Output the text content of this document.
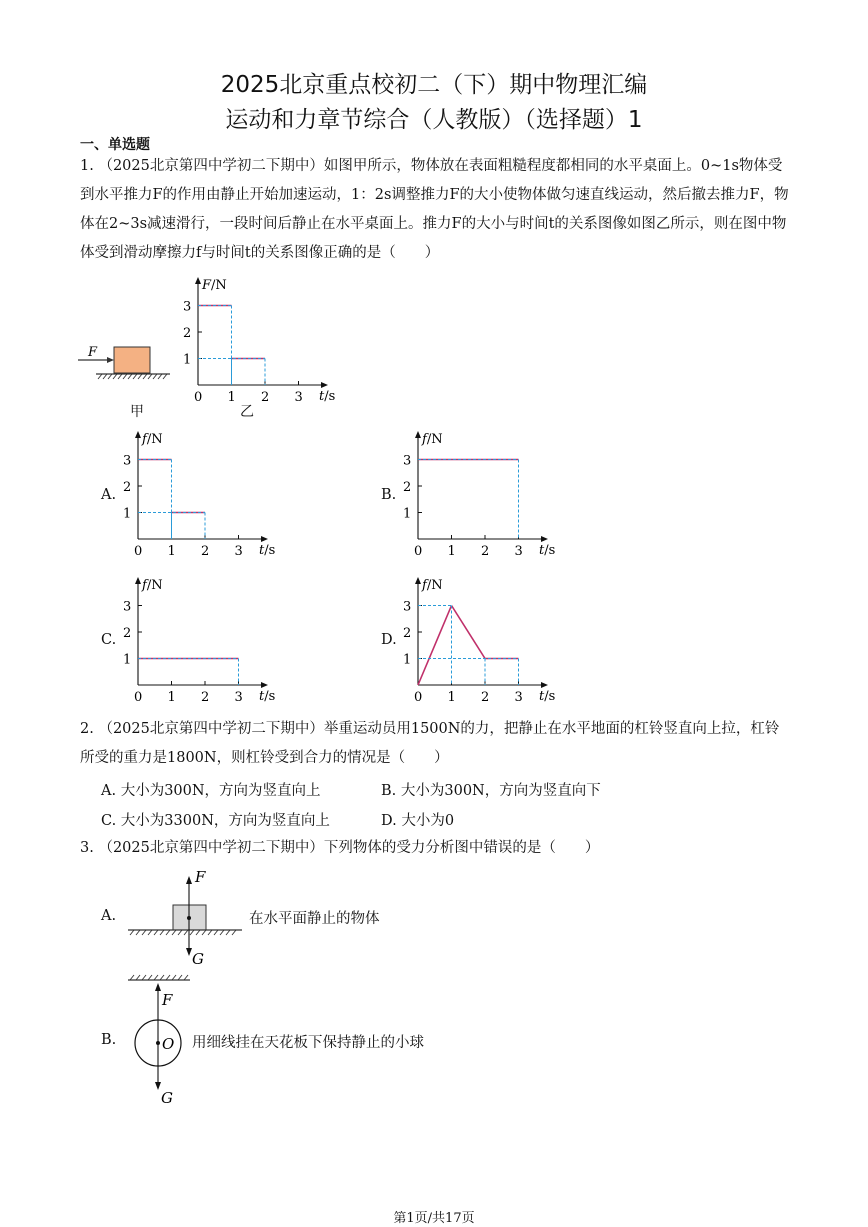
2025北京重点校初二（下）期中物理汇编
运动和力章节综合（人教版）（选择题）1
一、单选题
1. （2025北京第四中学初二下期中）如图甲所示，物体放在表面粗糙程度都相同的水平桌面上。0~1s物体受到水平推力F的作用由静止开始加速运动，1：2s调整推力F的大小使物体做匀速直线运动，然后撤去推力F，物体在2~3s减速滑行，一段时间后静止在水平桌面上。推力F的大小与时间t的关系图像如图乙所示，则在图中物体受到滑动摩擦力f与时间t的关系图像正确的是（　　）
F
甲	乙
F/N
t/s
0 1 2 3
1
2
3
A.
f/N
t/s
0 1 2 3
1
2
3
B.
f/N
t/s
0 1 2 3
1
2
3
C.
f/N
t/s
0 1 2 3
1
2
3
D.
f/N
t/s
0 1 2 3
1
2
3
2. （2025北京第四中学初二下期中）举重运动员用1500N的力，把静止在水平地面的杠铃竖直向上拉，杠铃所受的重力是1800N，则杠铃受到合力的情况是（　　）
A. 大小为300N，方向为竖直向上	B. 大小为300N，方向为竖直向下
C. 大小为3300N，方向为竖直向上	D. 大小为0
3. （2025北京第四中学初二下期中）下列物体的受力分析图中错误的是（　　）
A.
F
G
在水平面静止的物体
B.
F
O
G
用细线挂在天花板下保持静止的小球
第1页/共17页
